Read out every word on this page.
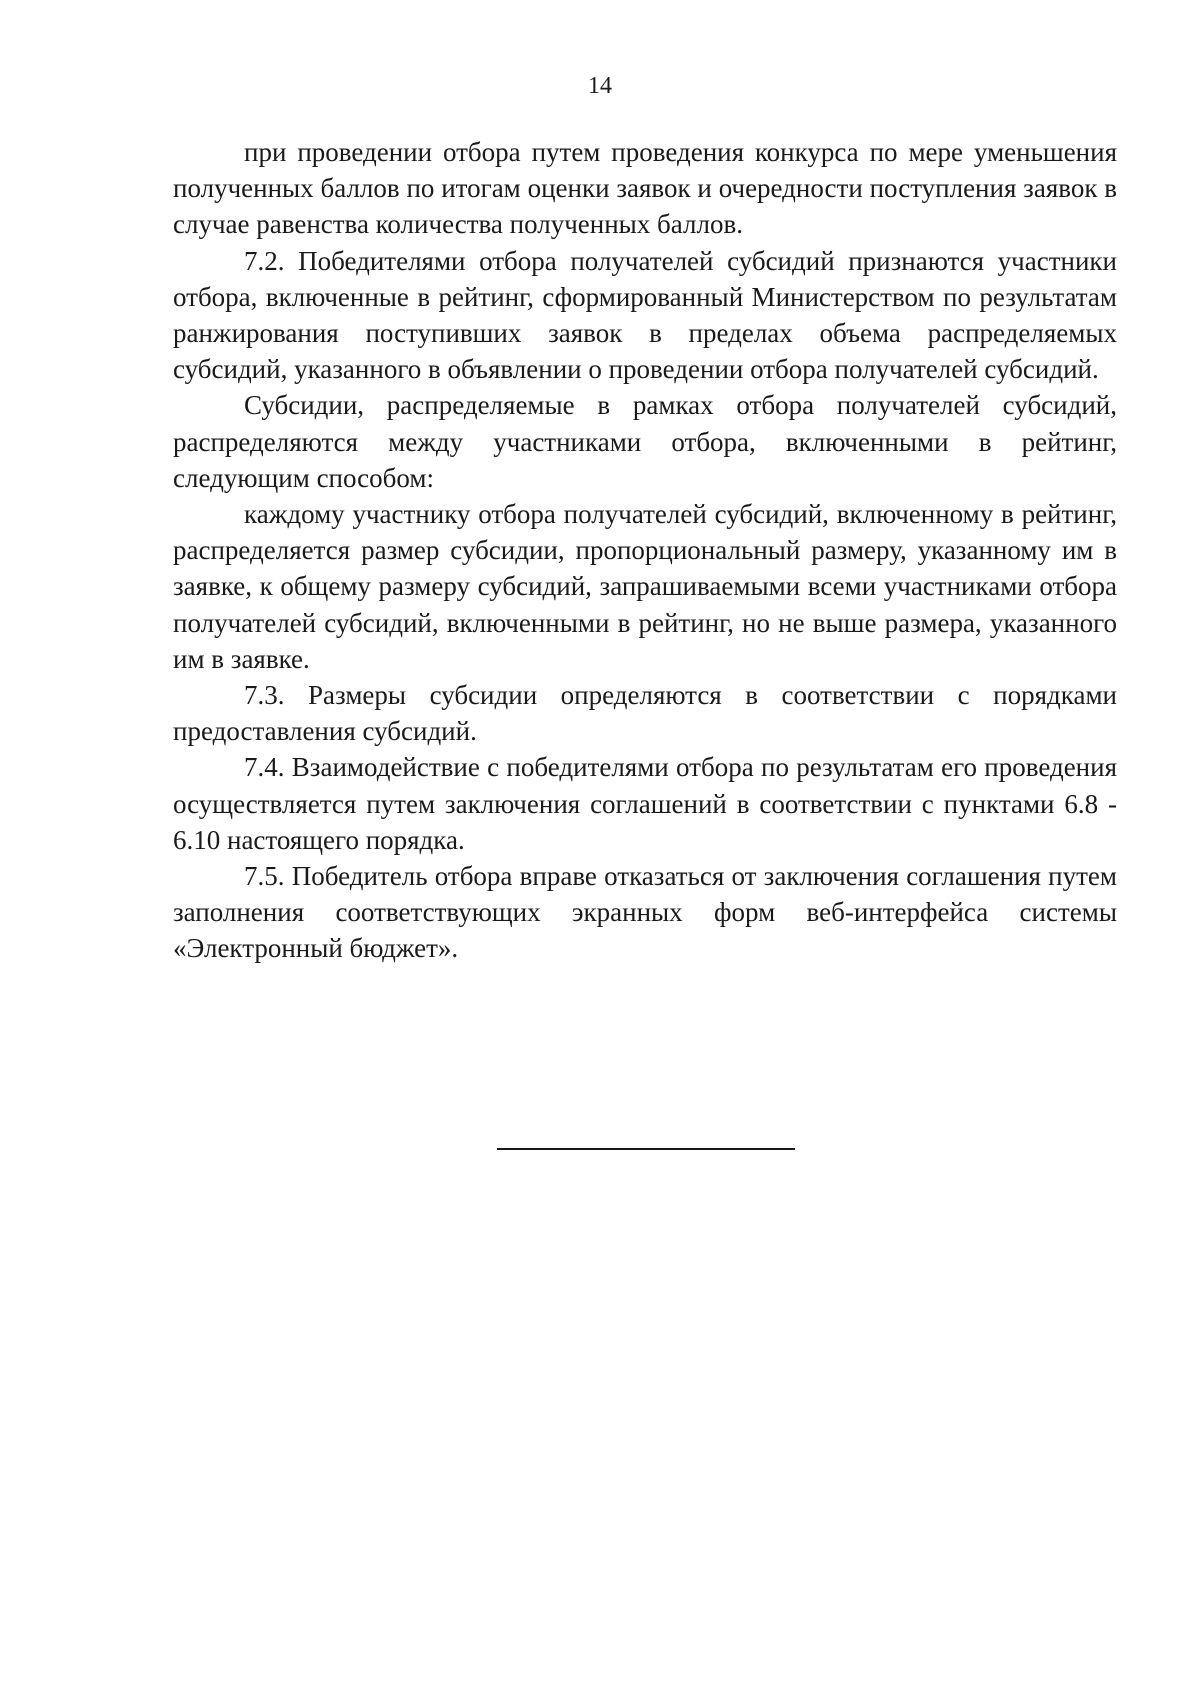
14

при проведении отбора путем проведения конкурса по мере уменьшения полученных баллов по итогам оценки заявок и очередности поступления заявок в случае равенства количества полученных баллов.

7.2. Победителями отбора получателей субсидий признаются участники отбора, включенные в рейтинг, сформированный Министерством по результатам ранжирования поступивших заявок в пределах объема распределяемых субсидий, указанного в объявлении о проведении отбора получателей субсидий.

Субсидии, распределяемые в рамках отбора получателей субсидий, распределяются между участниками отбора, включенными в рейтинг, следующим способом:

каждому участнику отбора получателей субсидий, включенному в рейтинг, распределяется размер субсидии, пропорциональный размеру, указанному им в заявке, к общему размеру субсидий, запрашиваемыми всеми участниками отбора получателей субсидий, включенными в рейтинг, но не выше размера, указанного им в заявке.

7.3. Размеры субсидии определяются в соответствии с порядками предоставления субсидий.

7.4. Взаимодействие с победителями отбора по результатам его проведения осуществляется путем заключения соглашений в соответствии с пунктами 6.8 - 6.10 настоящего порядка.

7.5. Победитель отбора вправе отказаться от заключения соглашения путем заполнения соответствующих экранных форм веб-интерфейса системы «Электронный бюджет».
